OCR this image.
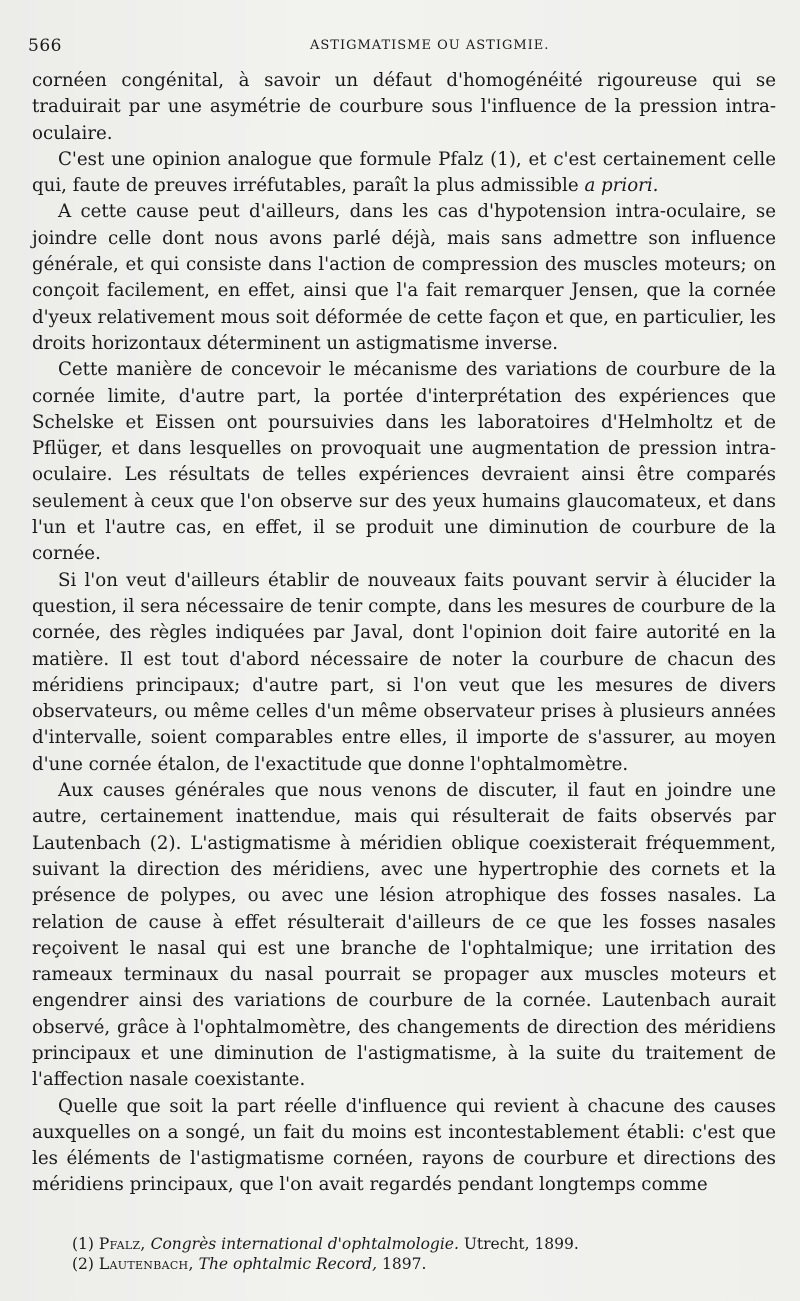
566	ASTIGMATISME OU ASTIGMIE.

cornéen congénital, à savoir un défaut d'homogénéité rigoureuse qui se traduirait par une asymétrie de courbure sous l'influence de la pression intra-oculaire.

C'est une opinion analogue que formule Pfalz (1), et c'est certainement celle qui, faute de preuves irréfutables, paraît la plus admissible a priori.

A cette cause peut d'ailleurs, dans les cas d'hypotension intra-oculaire, se joindre celle dont nous avons parlé déjà, mais sans admettre son influence générale, et qui consiste dans l'action de compression des muscles moteurs; on conçoit facilement, en effet, ainsi que l'a fait remarquer Jensen, que la cornée d'yeux relativement mous soit déformée de cette façon et que, en particulier, les droits horizontaux déterminent un astigmatisme inverse.

Cette manière de concevoir le mécanisme des variations de courbure de la cornée limite, d'autre part, la portée d'interprétation des expériences que Schelske et Eissen ont poursuivies dans les laboratoires d'Helmholtz et de Pflüger, et dans lesquelles on provoquait une augmentation de pression intra-oculaire. Les résultats de telles expériences devraient ainsi être comparés seulement à ceux que l'on observe sur des yeux humains glaucomateux, et dans l'un et l'autre cas, en effet, il se produit une diminution de courbure de la cornée.

Si l'on veut d'ailleurs établir de nouveaux faits pouvant servir à élucider la question, il sera nécessaire de tenir compte, dans les mesures de courbure de la cornée, des règles indiquées par Javal, dont l'opinion doit faire autorité en la matière. Il est tout d'abord nécessaire de noter la courbure de chacun des méridiens principaux; d'autre part, si l'on veut que les mesures de divers observateurs, ou même celles d'un même observateur prises à plusieurs années d'intervalle, soient comparables entre elles, il importe de s'assurer, au moyen d'une cornée étalon, de l'exactitude que donne l'ophtalmomètre.

Aux causes générales que nous venons de discuter, il faut en joindre une autre, certainement inattendue, mais qui résulterait de faits observés par Lautenbach (2). L'astigmatisme à méridien oblique coexisterait fréquemment, suivant la direction des méridiens, avec une hypertrophie des cornets et la présence de polypes, ou avec une lésion atrophique des fosses nasales. La relation de cause à effet résulterait d'ailleurs de ce que les fosses nasales reçoivent le nasal qui est une branche de l'ophtalmique; une irritation des rameaux terminaux du nasal pourrait se propager aux muscles moteurs et engendrer ainsi des variations de courbure de la cornée. Lautenbach aurait observé, grâce à l'ophtalmomètre, des changements de direction des méridiens principaux et une diminution de l'astigmatisme, à la suite du traitement de l'affection nasale coexistante.

Quelle que soit la part réelle d'influence qui revient à chacune des causes auxquelles on a songé, un fait du moins est incontestablement établi: c'est que les éléments de l'astigmatisme cornéen, rayons de courbure et directions des méridiens principaux, que l'on avait regardés pendant longtemps comme

(1) Pfalz, Congrès international d'ophtalmologie. Utrecht, 1899.
(2) Lautenbach, The ophtalmic Record, 1897.
